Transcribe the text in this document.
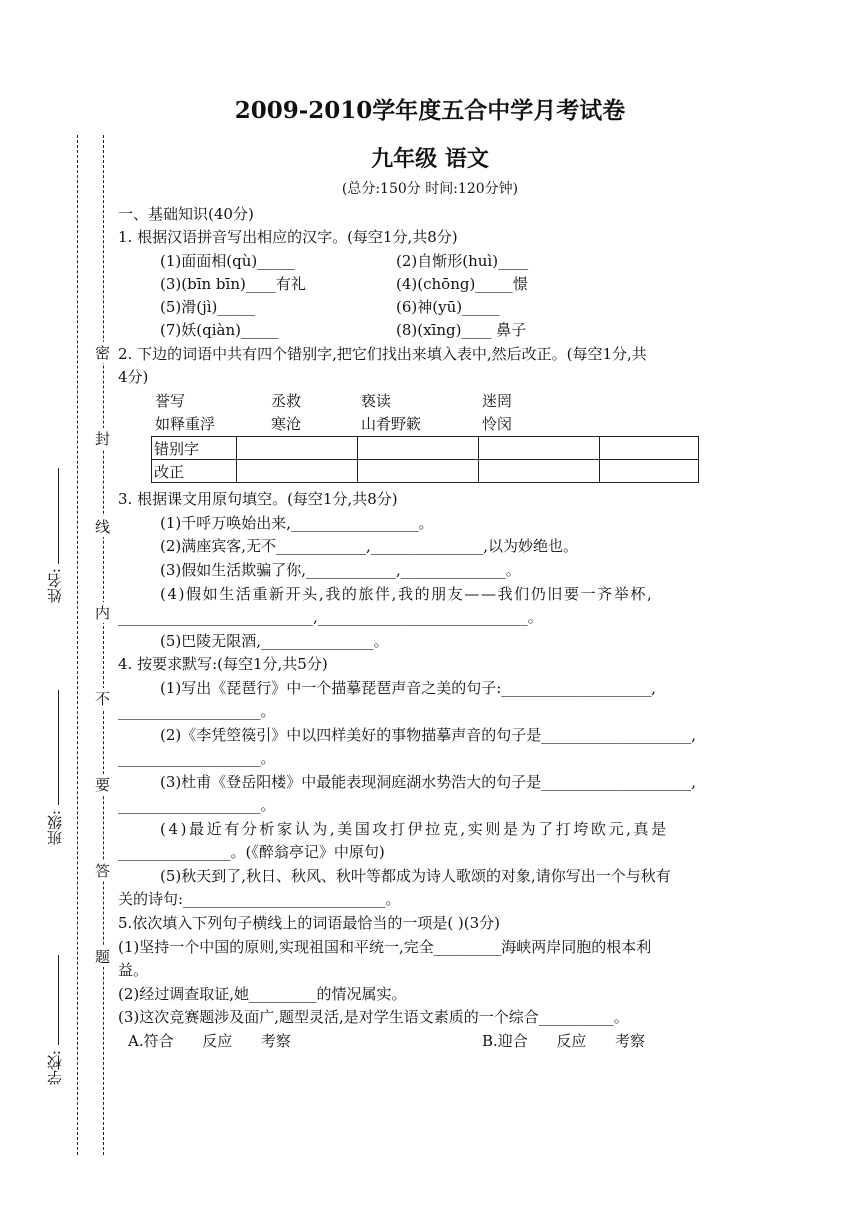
密
封
线
内
不
要
答
题
姓名:
班级:
学校:
2009-2010学年度五合中学月考试卷
九年级 语文
(总分:150分 时间:120分钟)
一、基础知识(40分)
1. 根据汉语拼音写出相应的汉字。(每空1分,共8分)
(1)面面相(qù)_____	(2)自惭形(huì)____
(3)(bīn bīn)____有礼	(4)(chōng)_____憬
(5)滑(jì)_____	(6)神(yū)_____
(7)妖(qiàn)_____	(8)(xīng)____ 鼻子
2. 下边的词语中共有四个错别字,把它们找出来填入表中,然后改正。(每空1分,共
4分)
誉写	丞救	亵读	迷罔
如释重浮	寒沧	山肴野簌	怜闵
错别字				
改正				
3. 根据课文用原句填空。(每空1分,共8分)
(1)千呼万唤始出来,_________________。
(2)满座宾客,无不____________,_______________,以为妙绝也。
(3)假如生活欺骗了你,____________,______________。
(4)假如生活重新开头,我的旅伴,我的朋友——我们仍旧要一齐举杯,
__________________________,____________________________。
(5)巴陵无限酒,_______________。
4. 按要求默写:(每空1分,共5分)
(1)写出《琵琶行》中一个描摹琵琶声音之美的句子:____________________,
___________________。
(2)《李凭箜篌引》中以四样美好的事物描摹声音的句子是____________________,
___________________。
(3)杜甫《登岳阳楼》中最能表现洞庭湖水势浩大的句子是____________________,
___________________。
(4)最近有分析家认为,美国攻打伊拉克,实则是为了打垮欧元,真是
_______________。(《醉翁亭记》中原句)
(5)秋天到了,秋日、秋风、秋叶等都成为诗人歌颂的对象,请你写出一个与秋有
关的诗句:___________________________。
5.依次填入下列句子横线上的词语最恰当的一项是( )(3分)
(1)坚持一个中国的原则,实现祖国和平统一,完全_________海峡两岸同胞的根本利
益。
(2)经过调查取证,她_________的情况属实。
(3)这次竞赛题涉及面广,题型灵活,是对学生语文素质的一个综合__________。
A.符合      反应      考察	B.迎合      反应      考察
